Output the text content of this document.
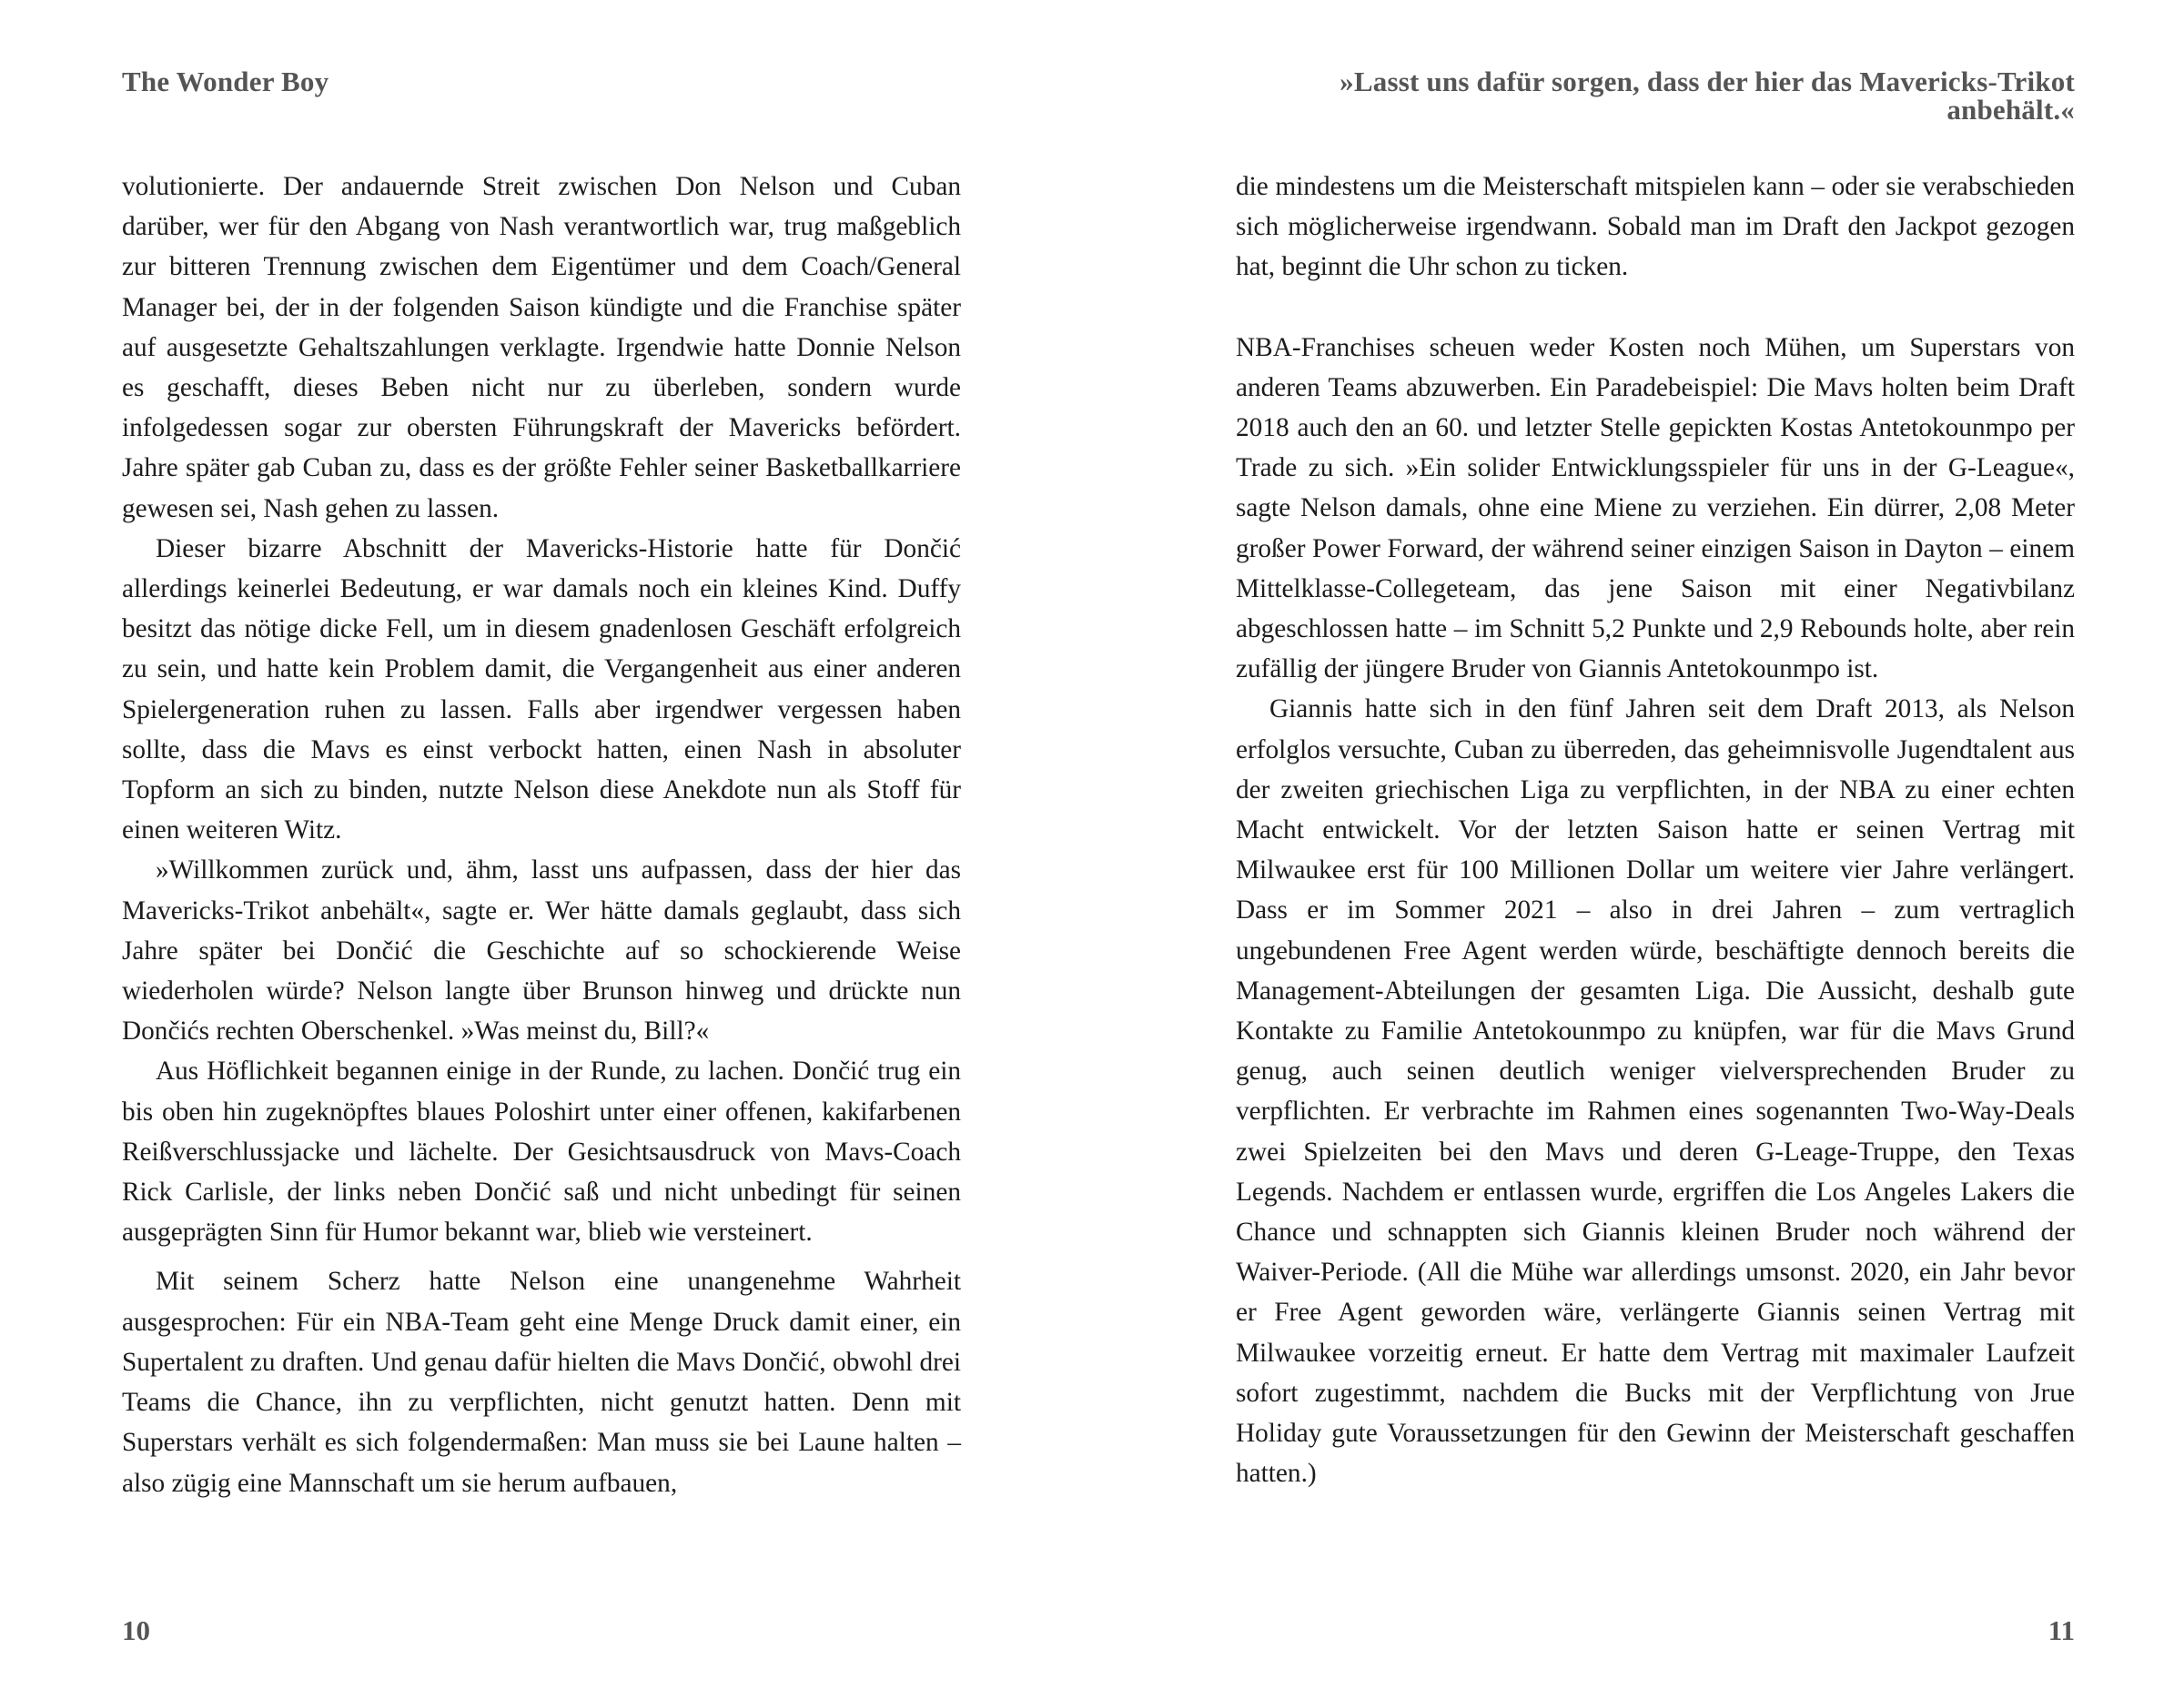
The Wonder Boy

volutionierte. Der andauernde Streit zwischen Don Nelson und Cuban darüber, wer für den Abgang von Nash verantwortlich war, trug maßgeblich zur bitteren Trennung zwischen dem Eigentümer und dem Coach/General Manager bei, der in der folgenden Saison kündigte und die Franchise später auf ausgesetzte Gehaltszahlungen verklagte. Irgendwie hatte Donnie Nelson es geschafft, dieses Beben nicht nur zu überleben, sondern wurde infolgedessen sogar zur obersten Führungskraft der Mavericks befördert. Jahre später gab Cuban zu, dass es der größte Fehler seiner Basketballkarriere gewesen sei, Nash gehen zu lassen.

Dieser bizarre Abschnitt der Mavericks-Historie hatte für Dončić allerdings keinerlei Bedeutung, er war damals noch ein kleines Kind. Duffy besitzt das nötige dicke Fell, um in diesem gnadenlosen Geschäft erfolgreich zu sein, und hatte kein Problem damit, die Vergangenheit aus einer anderen Spielergeneration ruhen zu lassen. Falls aber irgendwer vergessen haben sollte, dass die Mavs es einst verbockt hatten, einen Nash in absoluter Topform an sich zu binden, nutzte Nelson diese Anekdote nun als Stoff für einen weiteren Witz.

»Willkommen zurück und, ähm, lasst uns aufpassen, dass der hier das Mavericks-Trikot anbehält«, sagte er. Wer hätte damals geglaubt, dass sich Jahre später bei Dončić die Geschichte auf so schockierende Weise wiederholen würde? Nelson langte über Brunson hinweg und drückte nun Dončićs rechten Oberschenkel. »Was meinst du, Bill?«

Aus Höflichkeit begannen einige in der Runde, zu lachen. Dončić trug ein bis oben hin zugeknöpftes blaues Poloshirt unter einer offenen, kakifarbenen Reißverschlussjacke und lächelte. Der Gesichtsausdruck von Mavs-Coach Rick Carlisle, der links neben Dončić saß und nicht unbedingt für seinen ausgeprägten Sinn für Humor bekannt war, blieb wie versteinert.

Mit seinem Scherz hatte Nelson eine unangenehme Wahrheit ausgesprochen: Für ein NBA-Team geht eine Menge Druck damit einer, ein Supertalent zu draften. Und genau dafür hielten die Mavs Dončić, obwohl drei Teams die Chance, ihn zu verpflichten, nicht genutzt hatten. Denn mit Superstars verhält es sich folgendermaßen: Man muss sie bei Laune halten – also zügig eine Mannschaft um sie herum aufbauen,

10
»Lasst uns dafür sorgen, dass der hier das Mavericks-Trikot anbehält.«

die mindestens um die Meisterschaft mitspielen kann – oder sie verabschieden sich möglicherweise irgendwann. Sobald man im Draft den Jackpot gezogen hat, beginnt die Uhr schon zu ticken.

NBA-Franchises scheuen weder Kosten noch Mühen, um Superstars von anderen Teams abzuwerben. Ein Paradebeispiel: Die Mavs holten beim Draft 2018 auch den an 60. und letzter Stelle gepickten Kostas Antetokounmpo per Trade zu sich. »Ein solider Entwicklungsspieler für uns in der G-League«, sagte Nelson damals, ohne eine Miene zu verziehen. Ein dürrer, 2,08 Meter großer Power Forward, der während seiner einzigen Saison in Dayton – einem Mittelklasse-Collegeteam, das jene Saison mit einer Negativbilanz abgeschlossen hatte – im Schnitt 5,2 Punkte und 2,9 Rebounds holte, aber rein zufällig der jüngere Bruder von Giannis Antetokounmpo ist.

Giannis hatte sich in den fünf Jahren seit dem Draft 2013, als Nelson erfolglos versuchte, Cuban zu überreden, das geheimnisvolle Jugendtalent aus der zweiten griechischen Liga zu verpflichten, in der NBA zu einer echten Macht entwickelt. Vor der letzten Saison hatte er seinen Vertrag mit Milwaukee erst für 100 Millionen Dollar um weitere vier Jahre verlängert. Dass er im Sommer 2021 – also in drei Jahren – zum vertraglich ungebundenen Free Agent werden würde, beschäftigte dennoch bereits die Management-Abteilungen der gesamten Liga. Die Aussicht, deshalb gute Kontakte zu Familie Antetokounmpo zu knüpfen, war für die Mavs Grund genug, auch seinen deutlich weniger vielversprechenden Bruder zu verpflichten. Er verbrachte im Rahmen eines sogenannten Two-Way-Deals zwei Spielzeiten bei den Mavs und deren G-Leage-Truppe, den Texas Legends. Nachdem er entlassen wurde, ergriffen die Los Angeles Lakers die Chance und schnappten sich Giannis kleinen Bruder noch während der Waiver-Periode. (All die Mühe war allerdings umsonst. 2020, ein Jahr bevor er Free Agent geworden wäre, verlängerte Giannis seinen Vertrag mit Milwaukee vorzeitig erneut. Er hatte dem Vertrag mit maximaler Laufzeit sofort zugestimmt, nachdem die Bucks mit der Verpflichtung von Jrue Holiday gute Voraussetzungen für den Gewinn der Meisterschaft geschaffen hatten.)

11
